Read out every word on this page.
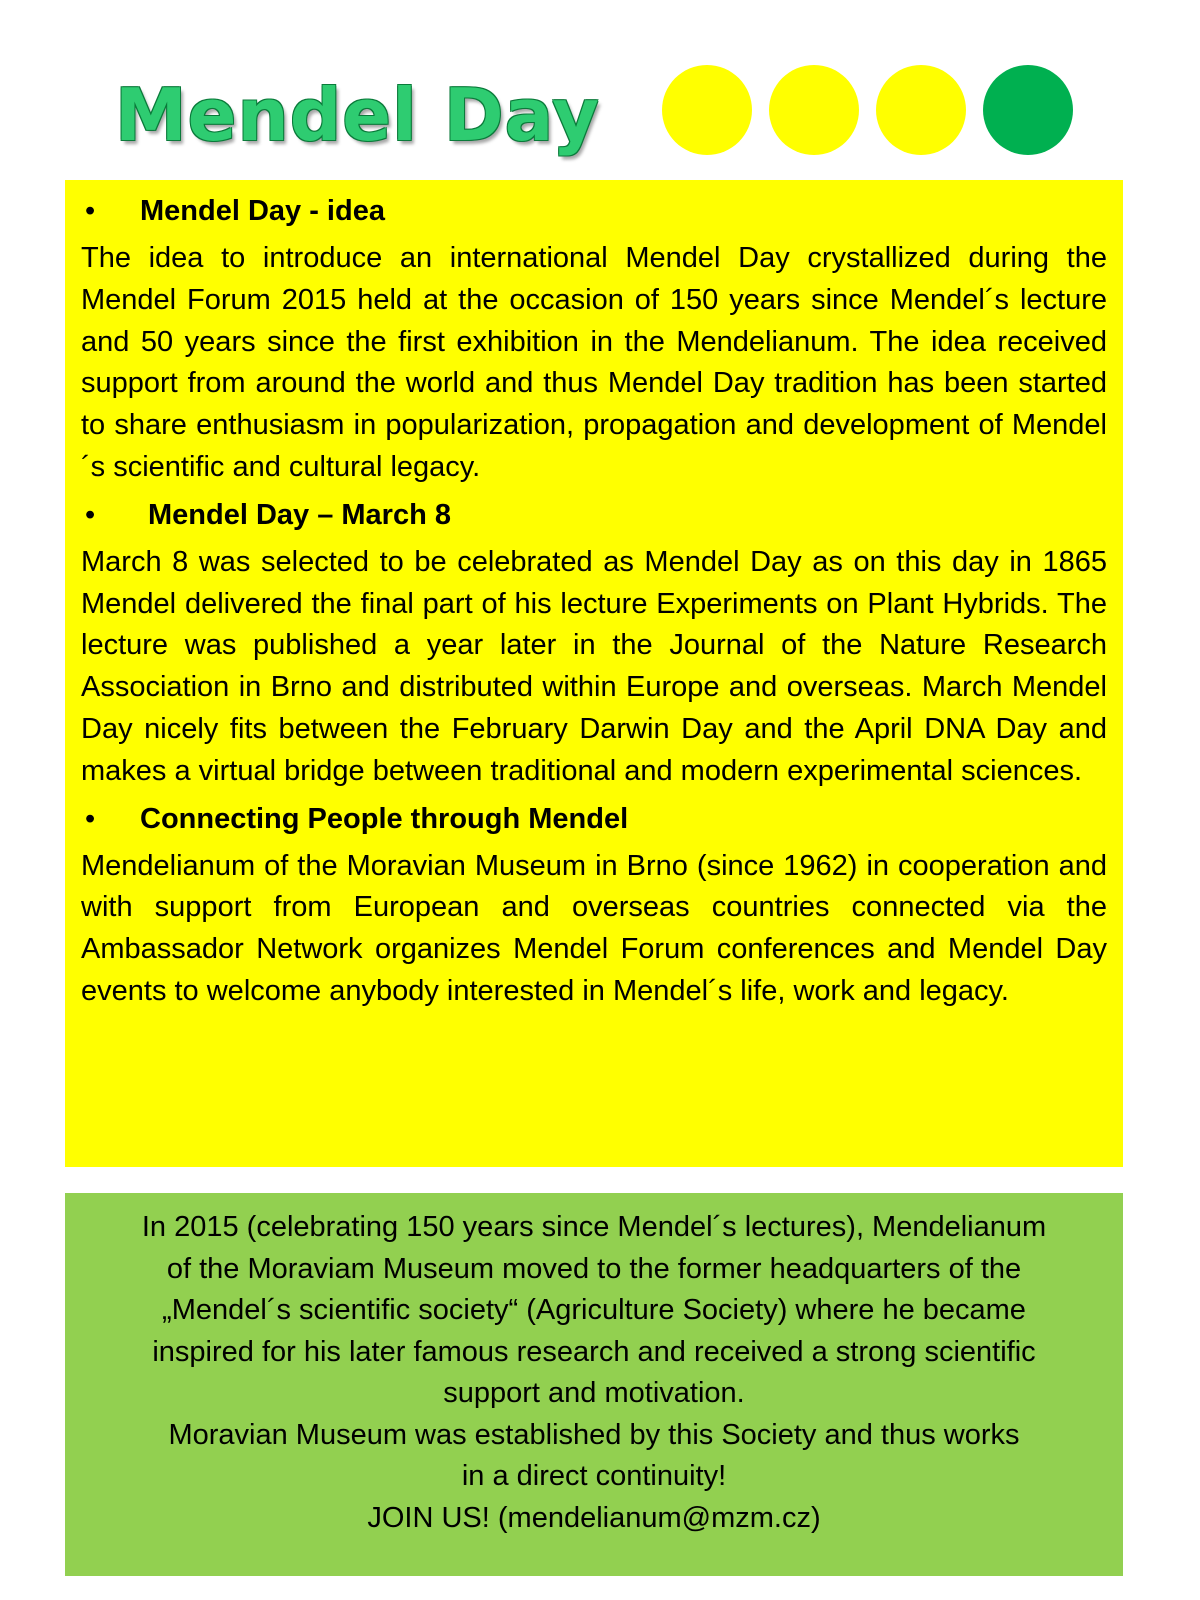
Mendel Day
•	Mendel Day - idea
The idea to introduce an international Mendel Day crystallized during the Mendel Forum 2015 held at the occasion of 150 years since Mendel´s lecture and 50 years since the first exhibition in the Mendelianum. The idea received support from around the world and thus Mendel Day tradition has been started to share enthusiasm in popularization, propagation and development of Mendel´s scientific and cultural legacy.
•	Mendel Day – March 8
March 8 was selected to be celebrated as Mendel Day as on this day in 1865 Mendel delivered the final part of his lecture Experiments on Plant Hybrids. The lecture was published a year later in the Journal of the Nature Research Association in Brno and distributed within Europe and overseas. March Mendel Day nicely fits between the February Darwin Day and the April DNA Day and makes a virtual bridge between traditional and modern experimental sciences.
•	Connecting People through Mendel
Mendelianum of the Moravian Museum in Brno (since 1962) in cooperation and with support from European and overseas countries connected via the Ambassador Network organizes Mendel Forum conferences and Mendel Day events to welcome anybody interested in Mendel´s life, work and legacy.
In 2015 (celebrating 150 years since Mendel´s lectures), Mendelianum
of the Moraviam Museum moved to the former headquarters of the
„Mendel´s scientific society“ (Agriculture Society) where he became
inspired for his later famous research and received a strong scientific
support and motivation.
Moravian Museum was established by this Society and thus works
in a direct continuity!
JOIN US! (mendelianum@mzm.cz)
